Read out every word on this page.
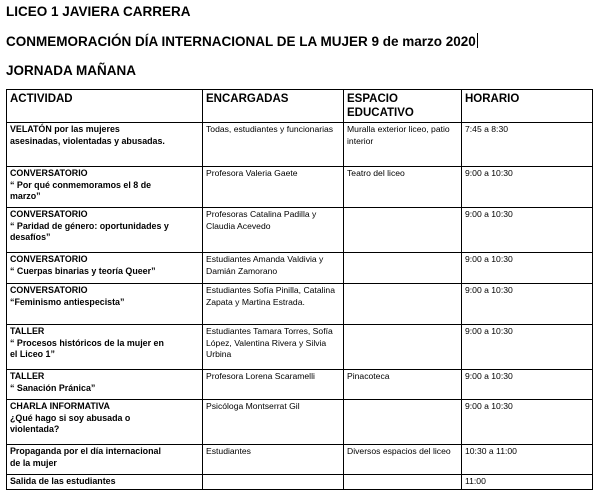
LICEO 1 JAVIERA CARRERA
CONMEMORACIÓN DÍA INTERNACIONAL DE LA MUJER 9 de marzo 2020
JORNADA MAÑANA
ACTIVIDAD	ENCARGADAS	ESPACIO EDUCATIVO	HORARIO

VELATÓN por las mujeres
asesinadas, violentadas y abusadas.	Todas, estudiantes y funcionarias	Muralla exterior liceo, patio interior	7:45 a 8:30

CONVERSATORIO
“ Por qué conmemoramos el 8 de
marzo”	Profesora Valeria Gaete	Teatro del liceo	9:00 a 10:30

CONVERSATORIO
“ Paridad de género: oportunidades y
desafíos”	Profesoras Catalina Padilla y Claudia Acevedo		9:00 a 10:30

CONVERSATORIO
“ Cuerpas binarias y teoría Queer”	Estudiantes Amanda Valdivia y Damián Zamorano		9:00 a 10:30

CONVERSATORIO
“Feminismo antiespecista”	Estudiantes Sofía Pinilla, Catalina Zapata y Martina Estrada.		9:00 a 10:30

TALLER
“ Procesos históricos de la mujer en
el Liceo 1”	Estudiantes Tamara Torres, Sofía López, Valentina Rivera y Silvia Urbina		9:00 a 10:30

TALLER
“ Sanación Pránica”	Profesora Lorena Scaramelli	Pinacoteca	9:00 a 10:30

CHARLA INFORMATIVA
¿Qué hago si soy abusada o
violentada?	Psicóloga Montserrat Gil		9:00 a 10:30

Propaganda por el día internacional
de la mujer	Estudiantes	Diversos espacios del liceo	10:30 a 11:00

Salida de las estudiantes			11:00
